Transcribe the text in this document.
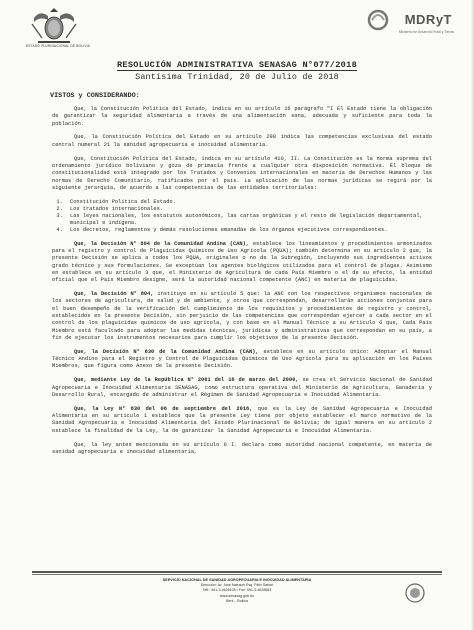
ESTADO PLURINACIONAL DE BOLIVIA
MDRyT
Ministerio de Desarrollo Rural y Tierras
RESOLUCIÓN ADMINISTRATIVA SENASAG N°077/2018
Santísima Trinidad, 20 de Julio de 2018
VISTOS y CONSIDERANDO:

Que, la Constitución Política del Estado, indica en su artículo 16 parágrafo "I El Estado tiene la obligación de garantizar la seguridad alimentaria a través de una alimentación sana, adecuada y suficiente para toda la población.

Que, la Constitución Política del Estado en su artículo 298 indica las competencias exclusivas del estado central numeral 21 la sanidad agropecuaria e inocuidad alimentaria.

Que, Constitución Política del Estado, indica en su artículo 410, II. La Constitución es la norma suprema del ordenamiento jurídico boliviano y goza de primacía frente a cualquier otra disposición normativa. El bloque de constitucionalidad está integrado por los Tratados y Convenios internacionales en materia de Derechos Humanos y las normas de Derecho Comunitario, ratificados por el país. La aplicación de las normas jurídicas se regirá por la siguiente jerarquía, de acuerdo a las competencias de las entidades territoriales:

1. Constitución Política del Estado.
2. Los tratados internacionales.
3. Las leyes nacionales, los estatutos autonómicos, las cartas orgánicas y el resto de legislación departamental, municipal e indígena.
4. Los decretos, reglamentos y demás resoluciones emanadas de los órganos ejecutivos correspondientes.

Que, la Decisión N° 804 de la Comunidad Andina (CAN), establece los lineamientos y procedimientos armonizados para el registro y control de Plaguicidas Químicos de Uso Agrícola (PQUA); también determina en su artículo 2 que, la presente Decisión se aplica a todos los PQUA, originales o no de la Subregión, incluyendo sus ingredientes activos grado técnico y sus formulaciones. Se exceptúan los agentes biológicos utilizados para el control de plagas. Asimismo en establece en su artículo 3 que, el Ministerio de Agricultura de cada País Miembro o el de su efecto, la entidad oficial que el País Miembro designe, será la autoridad nacional competente (ANC) en materia de plaguicidas.

Que, la Decisión N° 804, instituye en su artículo 5 que: la ANC con los respectivos organismos nacionales de los sectores de agricultura, de salud y de ambiente, y otros que correspondan, desarrollarán acciones conjuntas para el buen desempeño de la verificación del cumplimiento de los requisitos y procedimientos de registro y control, establecidos en la presente Decisión, sin perjuicio de las competencias que correspondan ejercer a cada sector en el control de los plaguicidas químicos de uso agrícola, y con base en el Manual Técnico a su Artículo 6 que, Cada País Miembro está facultado para adoptar las medidas técnicas, jurídicas y administrativas que correspondan en su país, a fin de ejecutar los instrumentos necesarios para cumplir los objetivos de la presente Decisión.

Que, la Decisión N° 630 de la Comunidad Andina (CAN), establece en su artículo único: Adoptar el Manual Técnico Andino para el Registro y Control de Plaguicidas Químicos de Uso Agrícola para su aplicación en los Países Miembros, que figura como Anexo de la presente Decisión.

Que, mediante Ley de la República N° 2061 del 16 de marzo del 2000, se crea el Servicio Nacional de Sanidad Agropecuaria e Inocuidad Alimentaria SENASAG, como estructura operativa del Ministerio de Agricultura, Ganadería y Desarrollo Rural, encargado de administrar el Régimen de Sanidad Agropecuaria e Inocuidad Alimentaria.

Que, la Ley N° 830 del 06 de septiembre del 2016, que es la Ley de Sanidad Agropecuaria e Inocuidad Alimentaria en su artículo 1 establece que la presente Ley tiene por objeto establecer el marco normativo de la Sanidad Agropecuaria e Inocuidad Alimentaria del Estado Plurinacional de Bolivia; de igual manera en su artículo 2 establece la finalidad de la Ley, la de garantizar la Sanidad Agropecuaria e Inocuidad Alimentaria.

Que, la ley antes mencionada en su artículo 6 I. declara como autoridad nacional competente, en materia de sanidad agropecuaria e inocuidad alimentaria,

SERVICIO NACIONAL DE SANIDAD AGROPECUARIA E INOCUIDAD ALIMENTARIA
Dirección: Av. José Natusch Esq. Félix Sattori
Telf.: 591-3-4628105 • Fax: 591-3-4628683
www.senasag.gob.bo
Beni – Bolivia
